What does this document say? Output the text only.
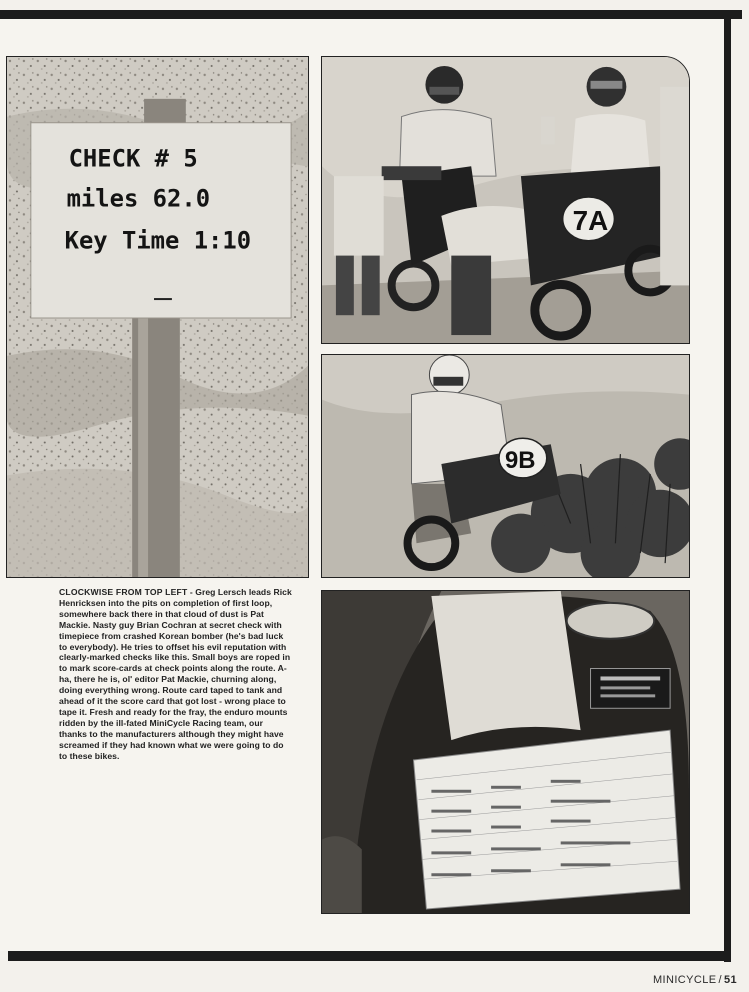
CHECK # 5
miles 62.0
Key Time 1:10
7A
9B

CLOCKWISE FROM TOP LEFT - Greg Lersch leads Rick Henricksen into the pits on completion of first loop, somewhere back there in that cloud of dust is Pat Mackie. Nasty guy Brian Cochran at secret check with timepiece from crashed Korean bomber (he's bad luck to everybody). He tries to offset his evil reputation with clearly-marked checks like this. Small boys are roped in to mark score-cards at check points along the route. A-ha, there he is, ol' editor Pat Mackie, churning along, doing everything wrong. Route card taped to tank and ahead of it the score card that got lost - wrong place to tape it. Fresh and ready for the fray, the enduro mounts ridden by the ill-fated MiniCycle Racing team, our thanks to the manufacturers although they might have screamed if they had known what we were going to do to these bikes.

MINICYCLE / 51
